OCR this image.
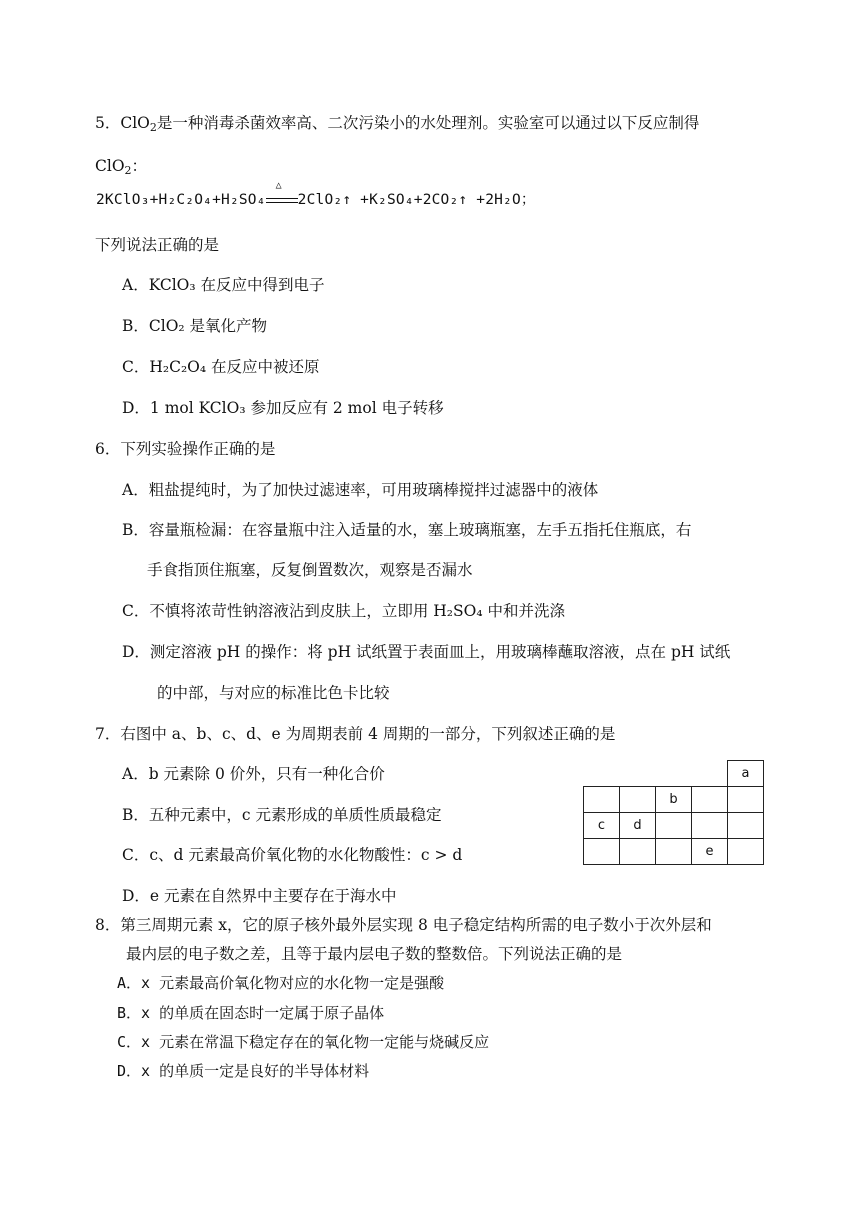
5．ClO$_2$是一种消毒杀菌效率高、二次污染小的水处理剂。实验室可以通过以下反应制得
ClO$_2$：
2KClO₃+H₂C₂O₄+H₂SO₄
△
2ClO₂↑ +K₂SO₄+2CO₂↑ +2H₂O；
下列说法正确的是
A．KClO₃ 在反应中得到电子
B．ClO₂ 是氧化产物
C．H₂C₂O₄ 在反应中被还原
D．1 mol KClO₃ 参加反应有 2 mol 电子转移
6．下列实验操作正确的是
A．粗盐提纯时，为了加快过滤速率，可用玻璃棒搅拌过滤器中的液体
B．容量瓶检漏：在容量瓶中注入适量的水，塞上玻璃瓶塞，左手五指托住瓶底，右
手食指顶住瓶塞，反复倒置数次，观察是否漏水
C．不慎将浓苛性钠溶液沾到皮肤上，立即用 H₂SO₄ 中和并洗涤
D．测定溶液 pH 的操作：将 pH 试纸置于表面皿上，用玻璃棒蘸取溶液，点在 pH 试纸
的中部，与对应的标准比色卡比较
7．右图中 a、b、c、d、e 为周期表前 4 周期的一部分，下列叙述正确的是
A．b 元素除 0 价外，只有一种化合价
B．五种元素中，c 元素形成的单质性质最稳定
C．c、d 元素最高价氧化物的水化物酸性：c > d
D．e 元素在自然界中主要存在于海水中
				a
		b		
c	d			
			e	
8．第三周期元素 x，它的原子核外最外层实现 8 电子稳定结构所需的电子数小于次外层和
最内层的电子数之差，且等于最内层电子数的整数倍。下列说法正确的是
A．x 元素最高价氧化物对应的水化物一定是强酸
B．x 的单质在固态时一定属于原子晶体
C．x 元素在常温下稳定存在的氧化物一定能与烧碱反应
D．x 的单质一定是良好的半导体材料
